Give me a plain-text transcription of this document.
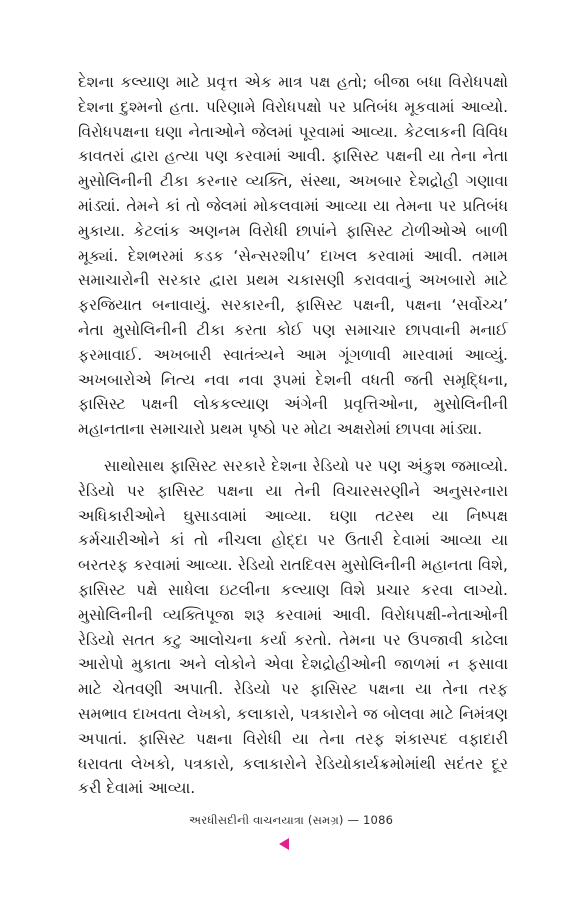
દેશના કલ્યાણ માટે પ્રવૃત્ત એક માત્ર પક્ષ હતો; બીજા બધા વિરોધપક્ષો દેશના દુશ્મનો હતા. પરિણામે વિરોધપક્ષો પર પ્રતિબંધ મૂકવામાં આવ્યો. વિરોધપક્ષના ઘણા નેતાઓને જેલમાં પૂરવામાં આવ્યા. કેટલાકની વિવિધ કાવતરાં દ્વારા હત્યા પણ કરવામાં આવી. ફાસિસ્ટ પક્ષની યા તેના નેતા મુસોલિનીની ટીકા કરનાર વ્યક્તિ, સંસ્થા, અખબાર દેશદ્રોહી ગણાવા માંડ્યાં. તેમને કાં તો જેલમાં મોકલવામાં આવ્યા યા તેમના પર પ્રતિબંધ મુકાયા. કેટલાંક અણનમ વિરોધી છાપાંને ફાસિસ્ટ ટોળીઓએ બાળી મૂક્યાં. દેશભરમાં કડક ‘સેન્સરશીપ’ દાખલ કરવામાં આવી. તમામ સમાચારોની સરકાર દ્વારા પ્રથમ ચકાસણી કરાવવાનું અખબારો માટે ફરજિયાત બનાવાયું. સરકારની, ફાસિસ્ટ પક્ષની, પક્ષના ‘સર્વોચ્ચ’ નેતા મુસોલિનીની ટીકા કરતા કોઈ પણ સમાચાર છાપવાની મનાઈ ફરમાવાઈ. અખબારી સ્વાતંત્ર્યને આમ ગૂંગળાવી મારવામાં આવ્યું. અખબારોએ નિત્ય નવા નવા રૂપમાં દેશની વધતી જતી સમૃદ્ધિના, ફાસિસ્ટ પક્ષની લોકકલ્યાણ અંગેની પ્રવૃત્તિઓના, મુસોલિનીની મહાનતાના સમાચારો પ્રથમ પૃષ્ઠો પર મોટા અક્ષરોમાં છાપવા માંડ્યા.

સાથોસાથ ફાસિસ્ટ સરકારે દેશના રેડિયો પર પણ અંકુશ જમાવ્યો. રેડિયો પર ફાસિસ્ટ પક્ષના યા તેની વિચારસરણીને અનુસરનારા અધિકારીઓને ઘુસાડવામાં આવ્યા. ઘણા તટસ્થ યા નિષ્પક્ષ કર્મચારીઓને કાં તો નીચલા હોદ્દા પર ઉતારી દેવામાં આવ્યા યા બરતરફ કરવામાં આવ્યા. રેડિયો રાતદિવસ મુસોલિનીની મહાનતા વિશે, ફાસિસ્ટ પક્ષે સાધેલા ઇટલીના કલ્યાણ વિશે પ્રચાર કરવા લાગ્યો. મુસોલિનીની વ્યક્તિપૂજા શરૂ કરવામાં આવી. વિરોધપક્ષી-નેતાઓની રેડિયો સતત કટુ આલોચના કર્યા કરતો. તેમના પર ઉપજાવી કાઢેલા આરોપો મુકાતા અને લોકોને એવા દેશદ્રોહીઓની જાળમાં ન ફસાવા માટે ચેતવણી અપાતી. રેડિયો પર ફાસિસ્ટ પક્ષના યા તેના તરફ સમભાવ દાખવતા લેખકો, કલાકારો, પત્રકારોને જ બોલવા માટે નિમંત્રણ અપાતાં. ફાસિસ્ટ પક્ષના વિરોધી યા તેના તરફ શંકાસ્પદ વફાદારી ધરાવતા લેખકો, પત્રકારો, કલાકારોને રેડિયોકાર્યક્રમોમાંથી સદંતર દૂર કરી દેવામાં આવ્યા.

અરધીસદીની વાચનયાત્રા (સમગ્ર) — 1086
